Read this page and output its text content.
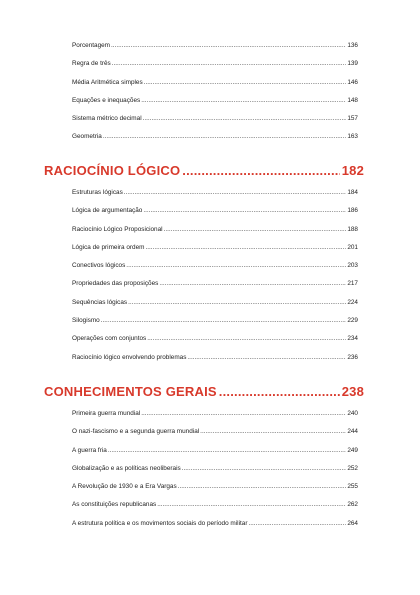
Porcentagem .....	136
Regra de três .....	139
Média Aritmética simples .....	146
Equações e inequações .....	148
Sistema métrico decimal .....	157
Geometria .....	163
RACIOCÍNIO LÓGICO .....	182
Estruturas lógicas .....	184
Lógica de argumentação .....	186
Raciocínio Lógico Proposicional .....	188
Lógica de primeira ordem .....	201
Conectivos lógicos .....	203
Propriedades das proposições .....	217
Sequências lógicas .....	224
Silogismo .....	229
Operações com conjuntos .....	234
Raciocínio lógico envolvendo problemas .....	236
CONHECIMENTOS GERAIS .....	238
Primeira guerra mundial .....	240
O nazi-fascismo e a segunda guerra mundial .....	244
A guerra fria .....	249
Globalização e as políticas neoliberais .....	252
A Revolução de 1930 e a Era Vargas .....	255
As constituições republicanas .....	262
A estrutura política e os movimentos sociais do período militar .....	264
